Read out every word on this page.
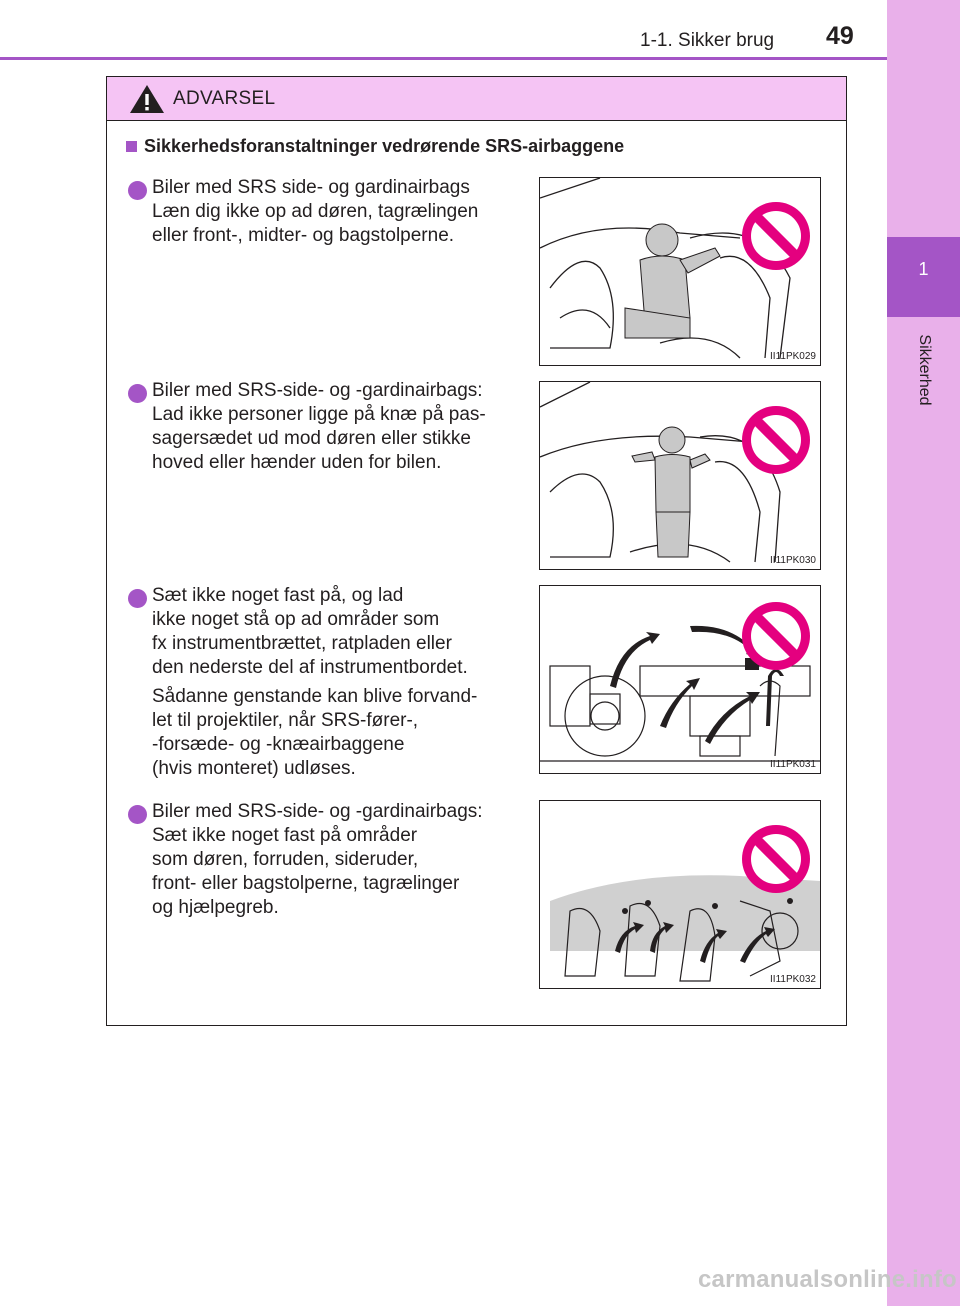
1
Sikkerhed
1-1. Sikker brug 49
ADVARSEL
Sikkerhedsforanstaltninger vedrørende SRS-airbaggene

Biler med SRS side- og gardinairbags
Læn dig ikke op ad døren, tagrælingen
eller front-, midter- og bagstolperne.

II11PK029

Biler med SRS-side- og -gardinairbags:
Lad ikke personer ligge på knæ på pas-
sagersædet ud mod døren eller stikke
hoved eller hænder uden for bilen.

II11PK030

Sæt ikke noget fast på, og lad
ikke noget stå op ad områder som
fx instrumentbrættet, ratpladen eller
den nederste del af instrumentbordet.

Sådanne genstande kan blive forvand-
let til projektiler, når SRS-fører-,
-forsæde- og -knæairbaggene
(hvis monteret) udløses.	II11PK031

Biler med SRS-side- og -gardinairbags:
Sæt ikke noget fast på områder
som døren, forruden, sideruder,
front- eller bagstolperne, tagrælinger
og hjælpegreb.

II11PK032
carmanualsonline.info
